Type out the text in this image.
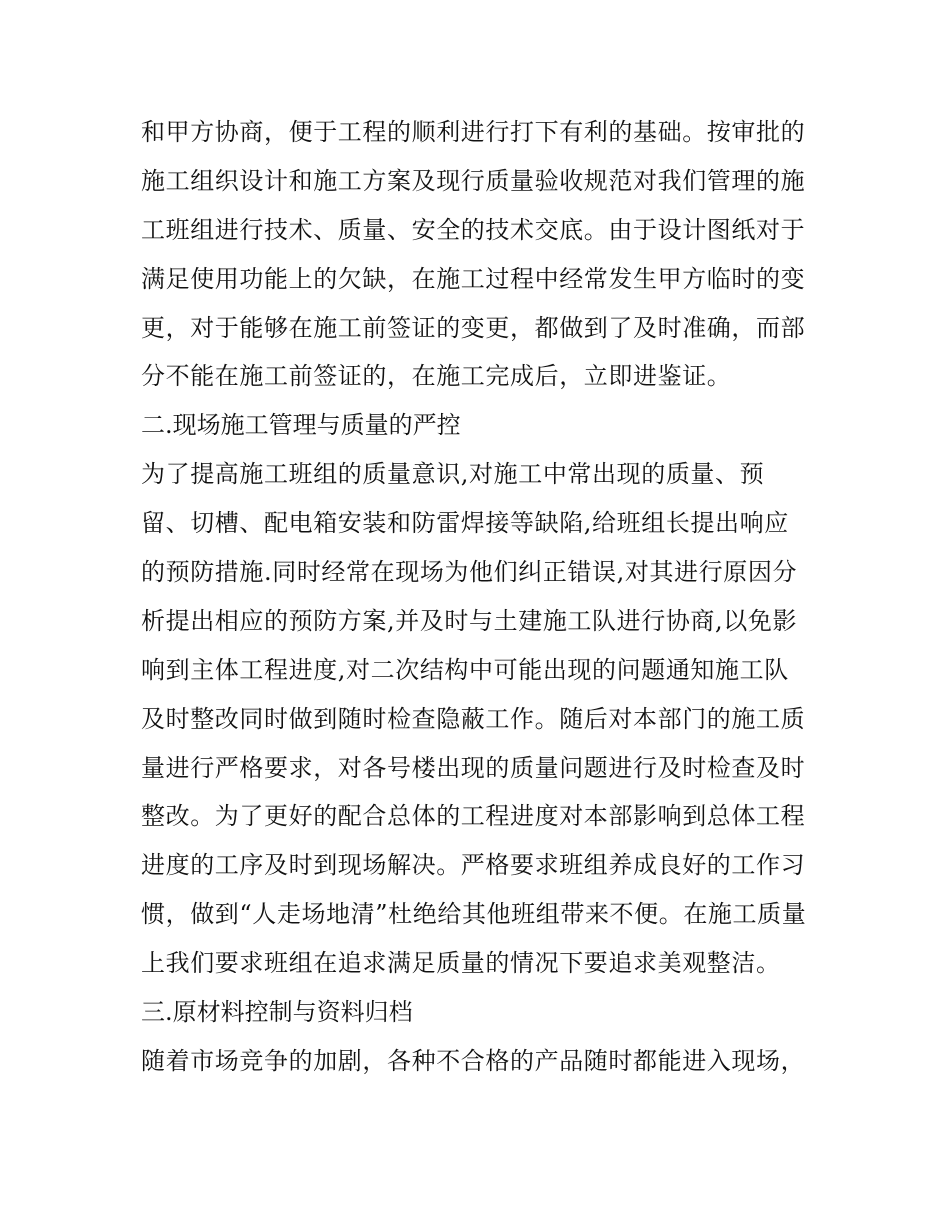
和甲方协商，便于工程的顺利进行打下有利的基础。按审批的
施工组织设计和施工方案及现行质量验收规范对我们管理的施
工班组进行技术、质量、安全的技术交底。由于设计图纸对于
满足使用功能上的欠缺，在施工过程中经常发生甲方临时的变
更，对于能够在施工前签证的变更，都做到了及时准确，而部
分不能在施工前签证的，在施工完成后，立即进鉴证。
二.现场施工管理与质量的严控
为了提高施工班组的质量意识,对施工中常出现的质量、预
留、切槽、配电箱安装和防雷焊接等缺陷,给班组长提出响应
的预防措施.同时经常在现场为他们纠正错误,对其进行原因分
析提出相应的预防方案,并及时与土建施工队进行协商,以免影
响到主体工程进度,对二次结构中可能出现的问题通知施工队
及时整改同时做到随时检查隐蔽工作。随后对本部门的施工质
量进行严格要求，对各号楼出现的质量问题进行及时检查及时
整改。为了更好的配合总体的工程进度对本部影响到总体工程
进度的工序及时到现场解决。严格要求班组养成良好的工作习
惯，做到“人走场地清”杜绝给其他班组带来不便。在施工质量
上我们要求班组在追求满足质量的情况下要追求美观整洁。
三.原材料控制与资料归档
随着市场竞争的加剧，各种不合格的产品随时都能进入现场，
